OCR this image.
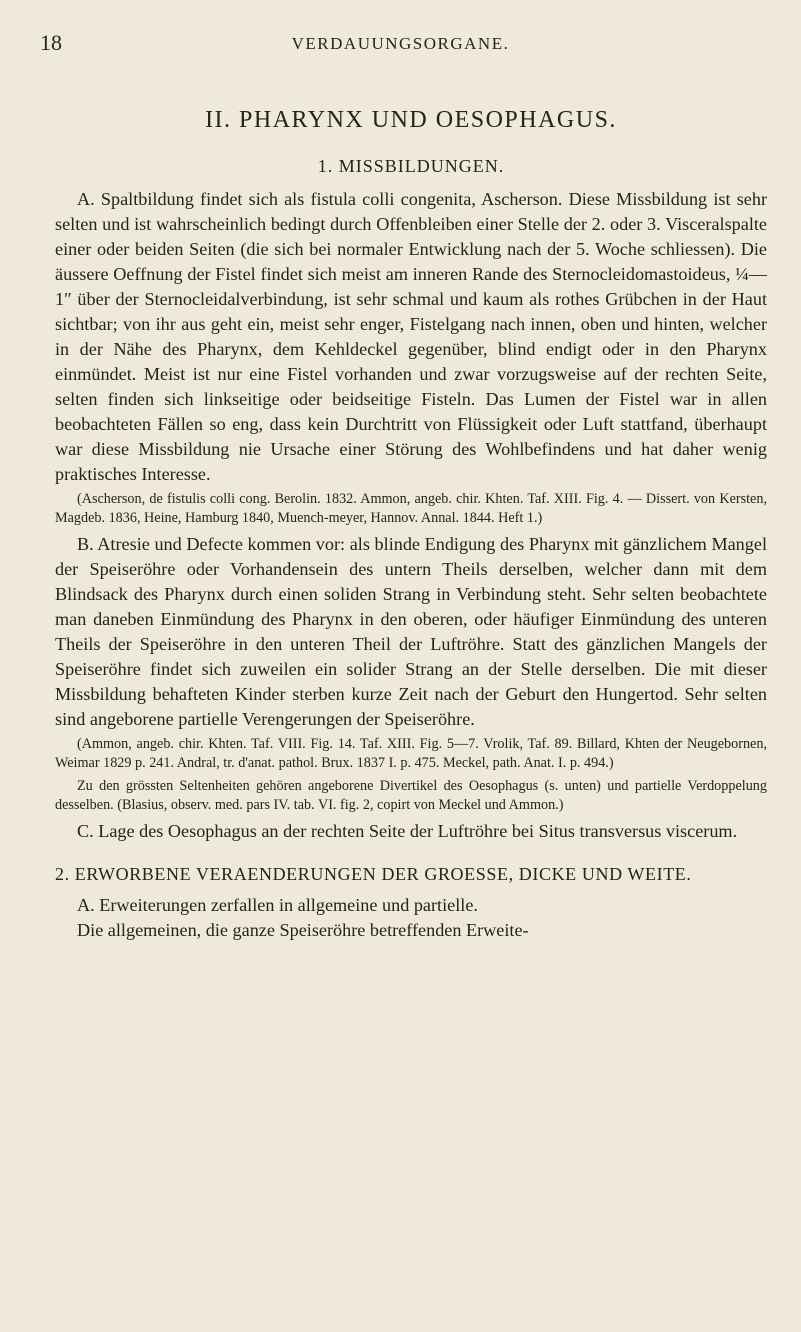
18	VERDAUUNGSORGANE.
II. PHARYNX UND OESOPHAGUS.
1. MISSBILDUNGEN.

A. Spaltbildung findet sich als fistula colli congenita, Ascherson. Diese Missbildung ist sehr selten und ist wahrscheinlich bedingt durch Offenbleiben einer Stelle der 2. oder 3. Visceralspalte einer oder beiden Seiten (die sich bei normaler Entwicklung nach der 5. Woche schliessen). Die äussere Oeffnung der Fistel findet sich meist am inneren Rande des Sternocleidomastoideus, ¼—1″ über der Sternocleidalverbindung, ist sehr schmal und kaum als rothes Grübchen in der Haut sichtbar; von ihr aus geht ein, meist sehr enger, Fistelgang nach innen, oben und hinten, welcher in der Nähe des Pharynx, dem Kehldeckel gegenüber, blind endigt oder in den Pharynx einmündet. Meist ist nur eine Fistel vorhanden und zwar vorzugsweise auf der rechten Seite, selten finden sich linkseitige oder beidseitige Fisteln. Das Lumen der Fistel war in allen beobachteten Fällen so eng, dass kein Durchtritt von Flüssigkeit oder Luft stattfand, überhaupt war diese Missbildung nie Ursache einer Störung des Wohlbefindens und hat daher wenig praktisches Interesse.

(Ascherson, de fistulis colli cong. Berolin. 1832. Ammon, angeb. chir. Khten. Taf. XIII. Fig. 4. — Dissert. von Kersten, Magdeb. 1836, Heine, Hamburg 1840, Muench-meyer, Hannov. Annal. 1844. Heft 1.)

B. Atresie und Defecte kommen vor: als blinde Endigung des Pharynx mit gänzlichem Mangel der Speiseröhre oder Vorhandensein des untern Theils derselben, welcher dann mit dem Blindsack des Pharynx durch einen soliden Strang in Verbindung steht. Sehr selten beobachtete man daneben Einmündung des Pharynx in den oberen, oder häufiger Einmündung des unteren Theils der Speiseröhre in den unteren Theil der Luftröhre. Statt des gänzlichen Mangels der Speiseröhre findet sich zuweilen ein solider Strang an der Stelle derselben. Die mit dieser Missbildung behafteten Kinder sterben kurze Zeit nach der Geburt den Hungertod. Sehr selten sind angeborene partielle Verengerungen der Speiseröhre.

(Ammon, angeb. chir. Khten. Taf. VIII. Fig. 14. Taf. XIII. Fig. 5—7. Vrolik, Taf. 89. Billard, Khten der Neugebornen, Weimar 1829 p. 241. Andral, tr. d'anat. pathol. Brux. 1837 I. p. 475. Meckel, path. Anat. I. p. 494.)

Zu den grössten Seltenheiten gehören angeborene Divertikel des Oesophagus (s. unten) und partielle Verdoppelung desselben. (Blasius, observ. med. pars IV. tab. VI. fig. 2, copirt von Meckel und Ammon.)

C. Lage des Oesophagus an der rechten Seite der Luftröhre bei Situs transversus viscerum.

2. ERWORBENE VERAENDERUNGEN DER GROESSE, DICKE UND WEITE.

A. Erweiterungen zerfallen in allgemeine und partielle.

Die allgemeinen, die ganze Speiseröhre betreffenden Erweite-
